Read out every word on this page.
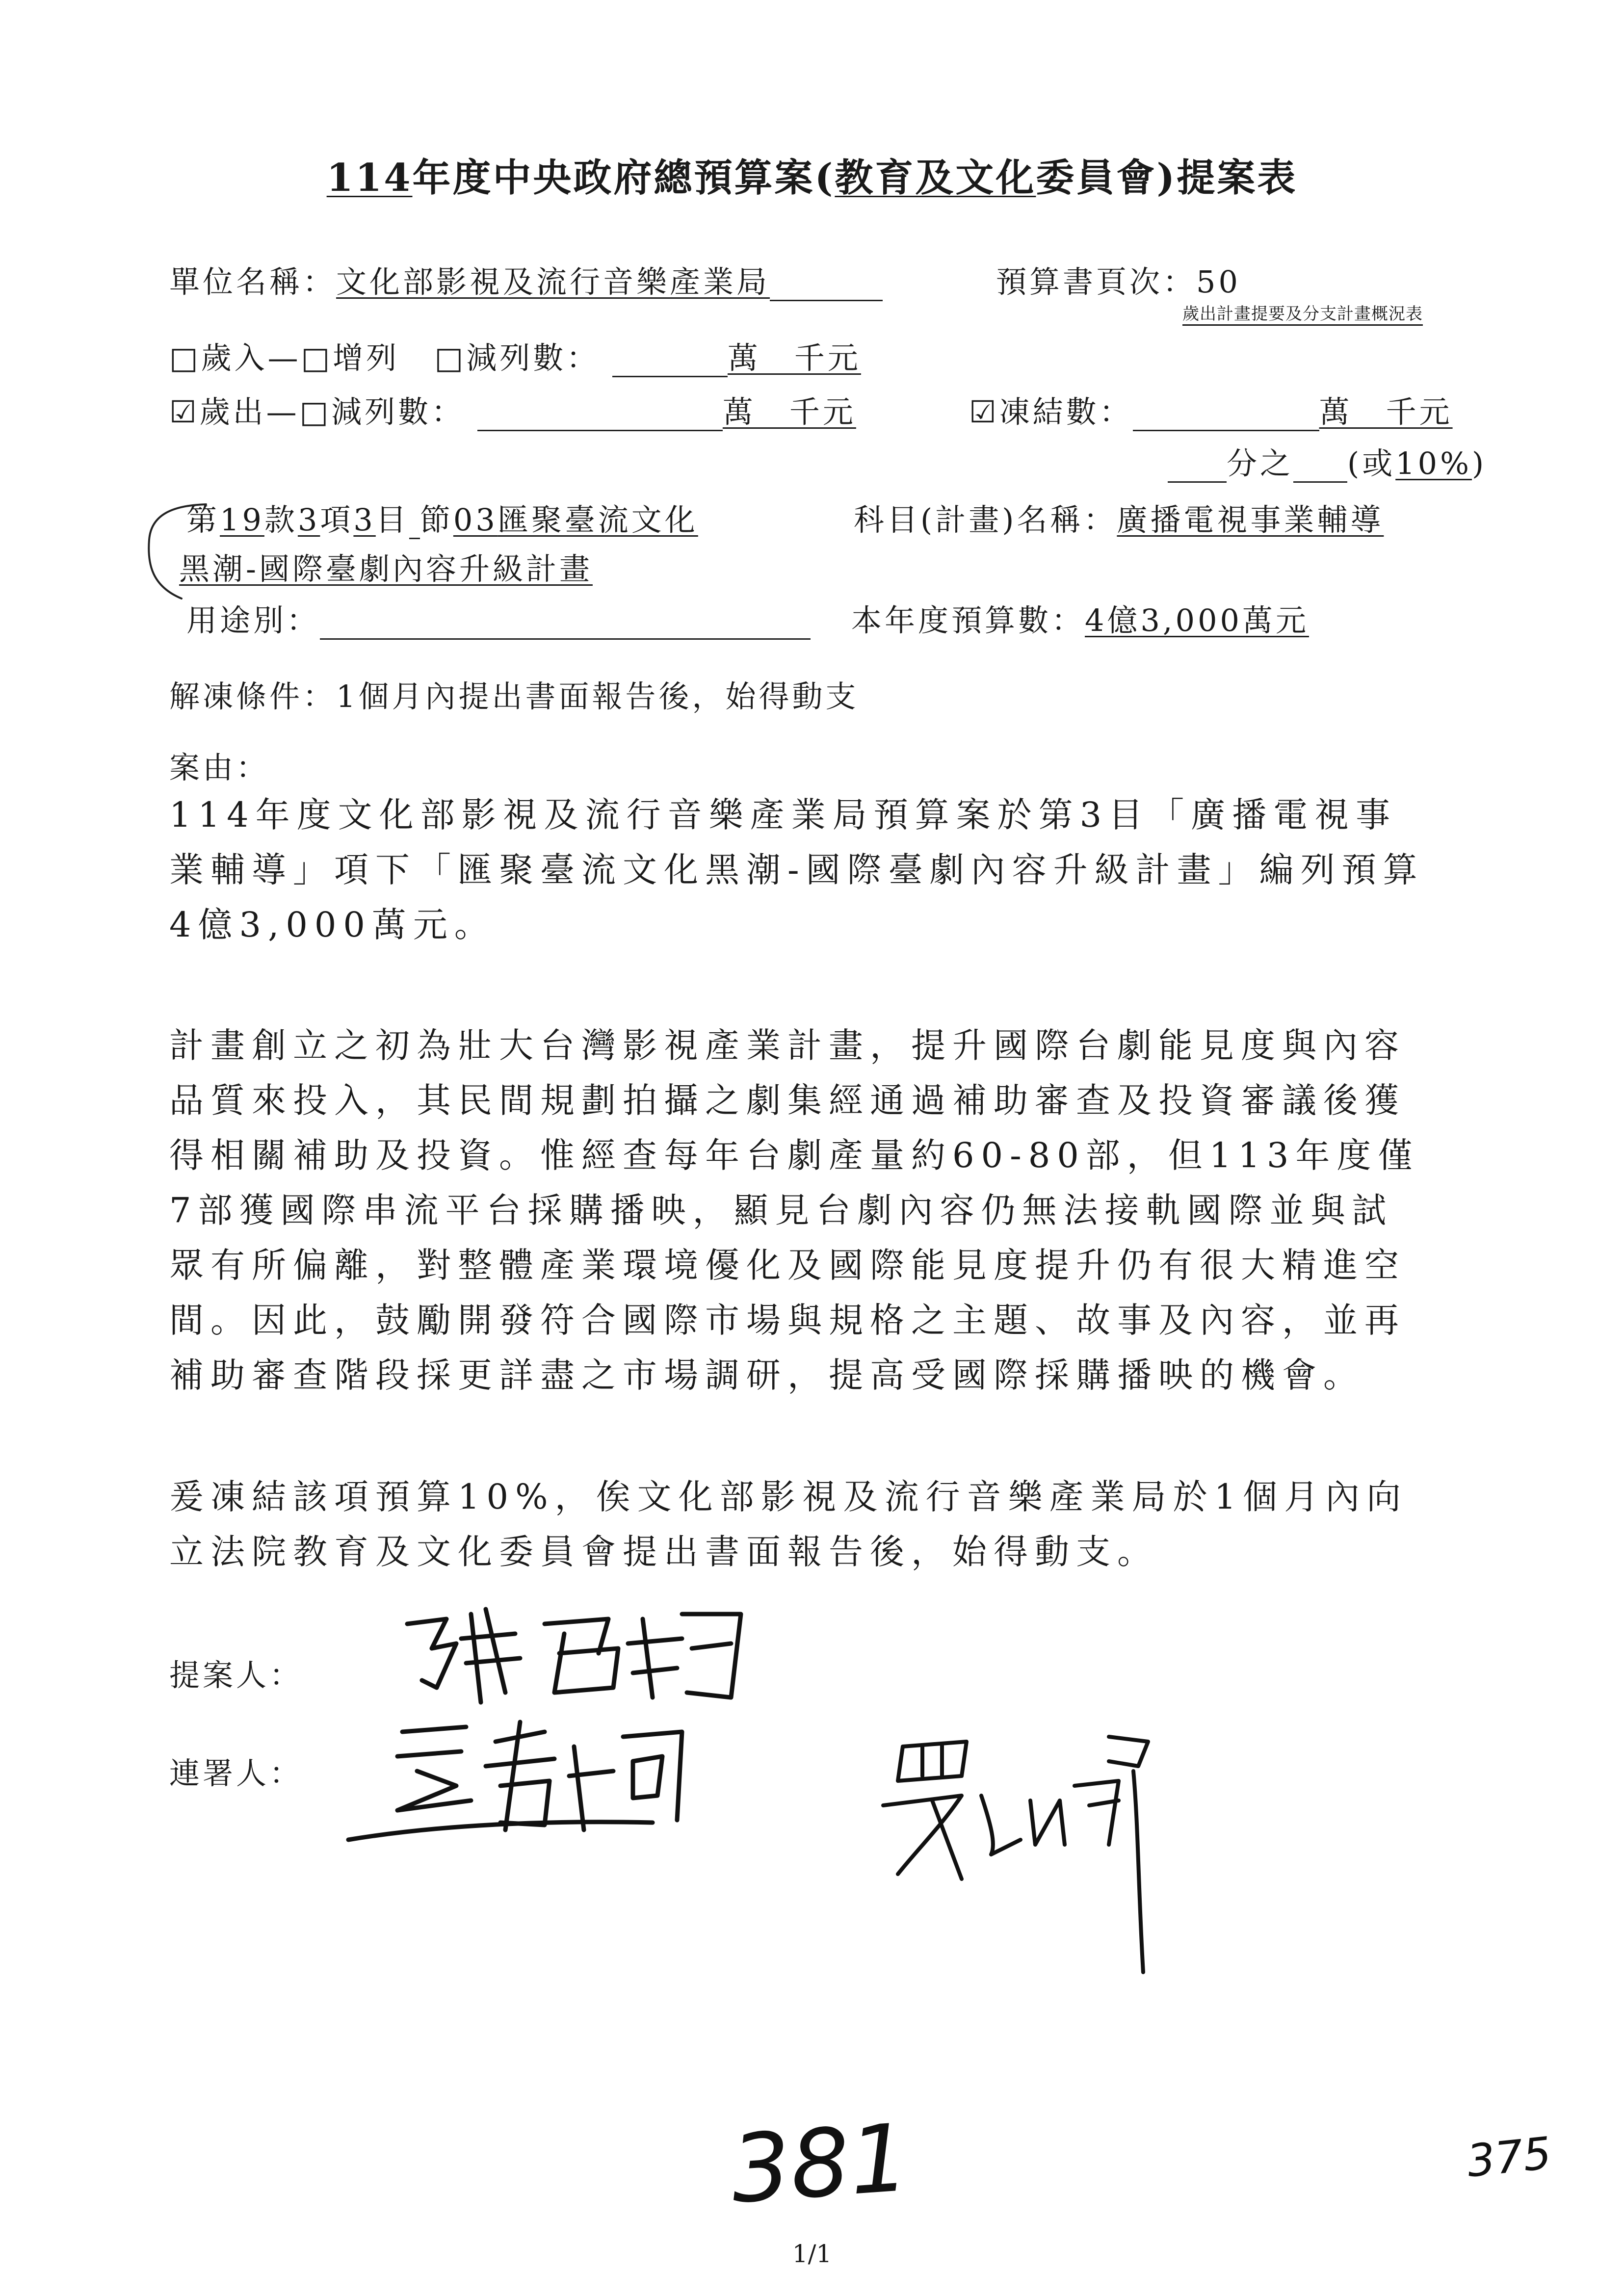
114年度中央政府總預算案(教育及文化委員會)提案表
單位名稱：文化部影視及流行音樂產業局	預算書頁次：50
歲出計畫提要及分支計畫概況表
□歲入—□增列 □減列數：	萬　千元
☑歲出—□減列數：	萬　千元	☑凍結數：	萬　千元
分之 (或10%)
第19款3項3目 節03匯聚臺流文化	科目(計畫)名稱：廣播電視事業輔導
黑潮-國際臺劇內容升級計畫
用途別：	本年度預算數：4億3,000萬元
解凍條件：1個月內提出書面報告後，始得動支
案由：
114年度文化部影視及流行音樂產業局預算案於第3目「廣播電視事
業輔導」項下「匯聚臺流文化黑潮-國際臺劇內容升級計畫」編列預算
4億3,000萬元。
計畫創立之初為壯大台灣影視產業計畫，提升國際台劇能見度與內容
品質來投入，其民間規劃拍攝之劇集經通過補助審查及投資審議後獲
得相關補助及投資。惟經查每年台劇產量約60-80部，但113年度僅
7部獲國際串流平台採購播映，顯見台劇內容仍無法接軌國際並與試
眾有所偏離，對整體產業環境優化及國際能見度提升仍有很大精進空
間。因此，鼓勵開發符合國際市場與規格之主題、故事及內容，並再
補助審查階段採更詳盡之市場調研，提高受國際採購播映的機會。
爰凍結該項預算10%，俟文化部影視及流行音樂產業局於1個月內向
立法院教育及文化委員會提出書面報告後，始得動支。
提案人：
連署人：
381	375
1/1
